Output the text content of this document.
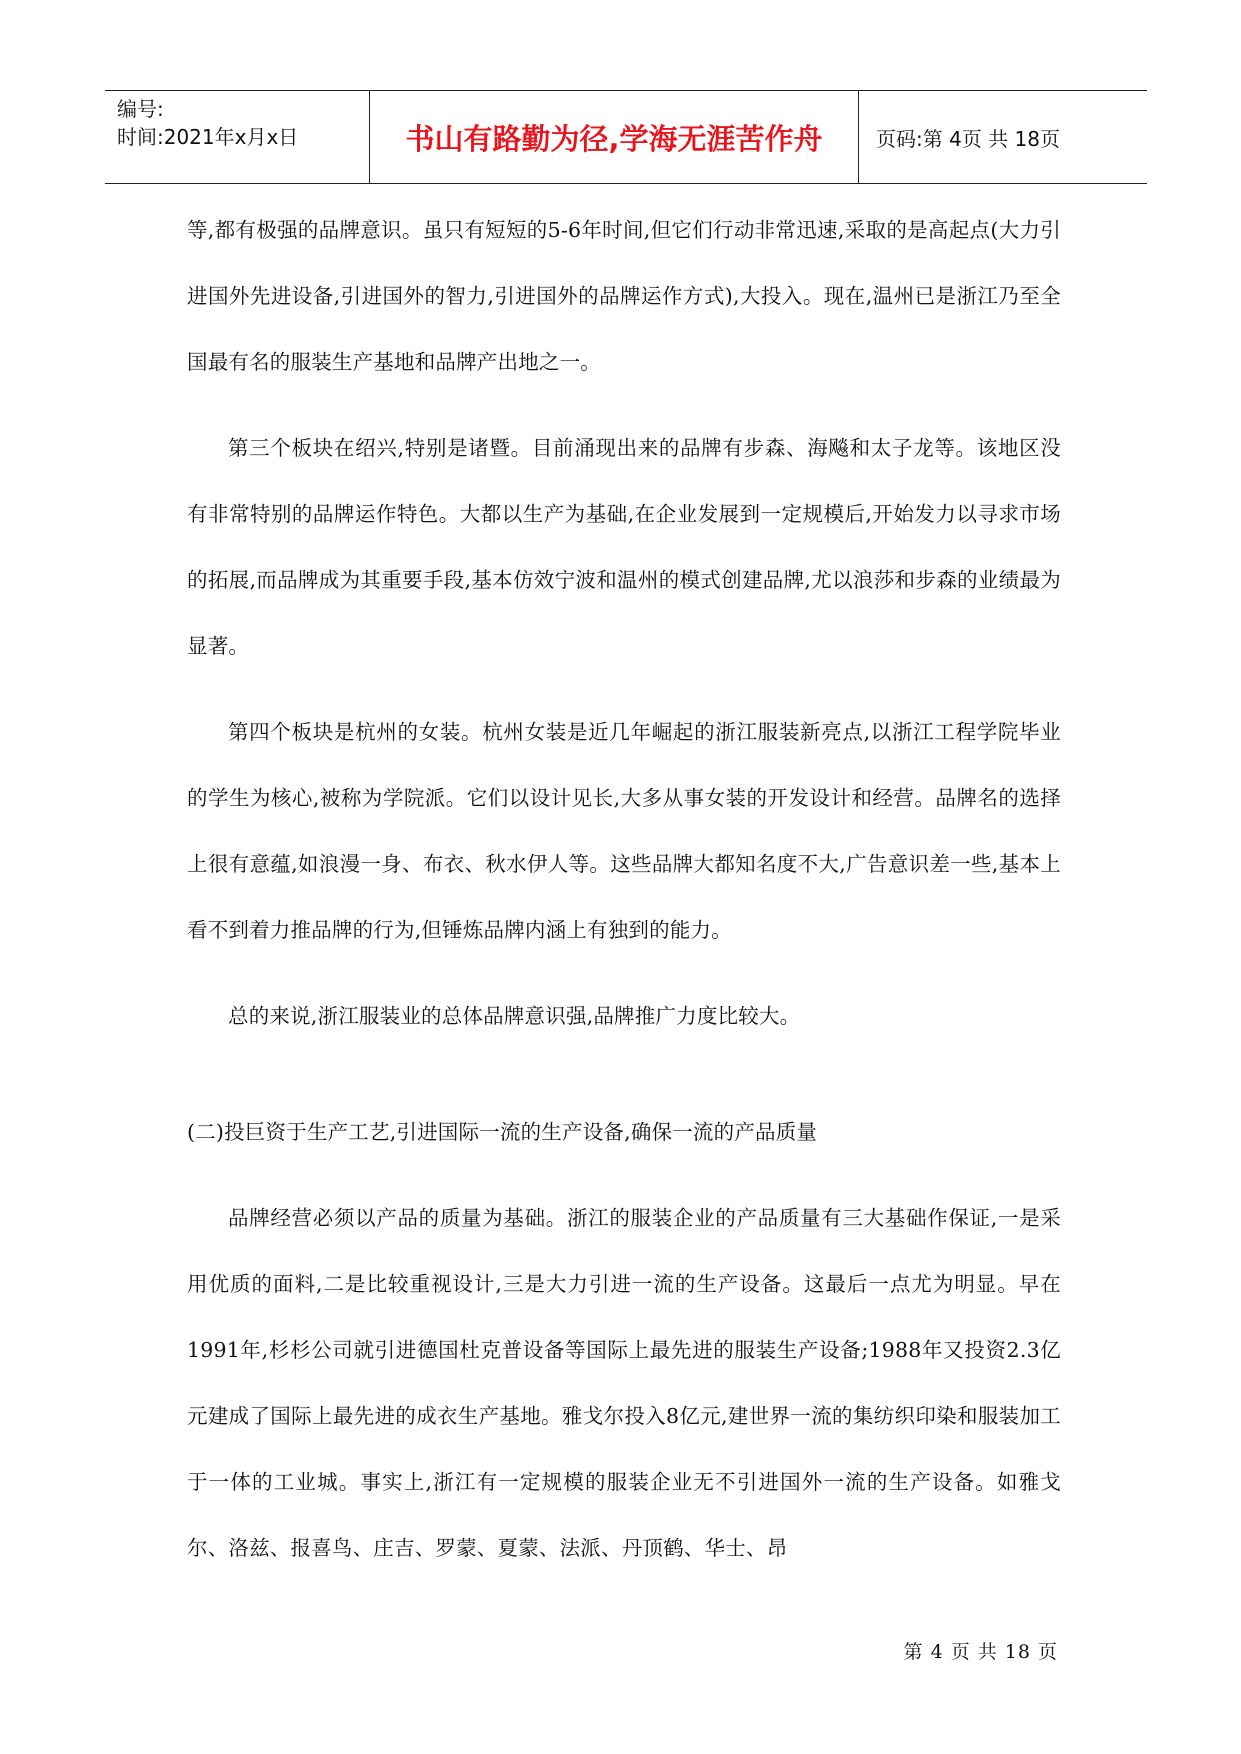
编号:
时间:2021年x月x日	书山有路勤为径,学海无涯苦作舟	页码:第 4页 共 18页

等,都有极强的品牌意识。虽只有短短的5-6年时间,但它们行动非常迅速,采取的是高起点(大力引进国外先进设备,引进国外的智力,引进国外的品牌运作方式),大投入。现在,温州已是浙江乃至全国最有名的服装生产基地和品牌产出地之一。

第三个板块在绍兴,特别是诸暨。目前涌现出来的品牌有步森、海飚和太子龙等。该地区没有非常特别的品牌运作特色。大都以生产为基础,在企业发展到一定规模后,开始发力以寻求市场的拓展,而品牌成为其重要手段,基本仿效宁波和温州的模式创建品牌,尤以浪莎和步森的业绩最为显著。

第四个板块是杭州的女装。杭州女装是近几年崛起的浙江服装新亮点,以浙江工程学院毕业的学生为核心,被称为学院派。它们以设计见长,大多从事女装的开发设计和经营。品牌名的选择上很有意蕴,如浪漫一身、布衣、秋水伊人等。这些品牌大都知名度不大,广告意识差一些,基本上看不到着力推品牌的行为,但锤炼品牌内涵上有独到的能力。

总的来说,浙江服装业的总体品牌意识强,品牌推广力度比较大。

(二)投巨资于生产工艺,引进国际一流的生产设备,确保一流的产品质量

品牌经营必须以产品的质量为基础。浙江的服装企业的产品质量有三大基础作保证,一是采用优质的面料,二是比较重视设计,三是大力引进一流的生产设备。这最后一点尤为明显。早在1991年,杉杉公司就引进德国杜克普设备等国际上最先进的服装生产设备;1988年又投资2.3亿元建成了国际上最先进的成衣生产基地。雅戈尔投入8亿元,建世界一流的集纺织印染和服装加工于一体的工业城。事实上,浙江有一定规模的服装企业无不引进国外一流的生产设备。如雅戈尔、洛兹、报喜鸟、庄吉、罗蒙、夏蒙、法派、丹顶鹤、华士、昂

第 4 页 共 18 页
